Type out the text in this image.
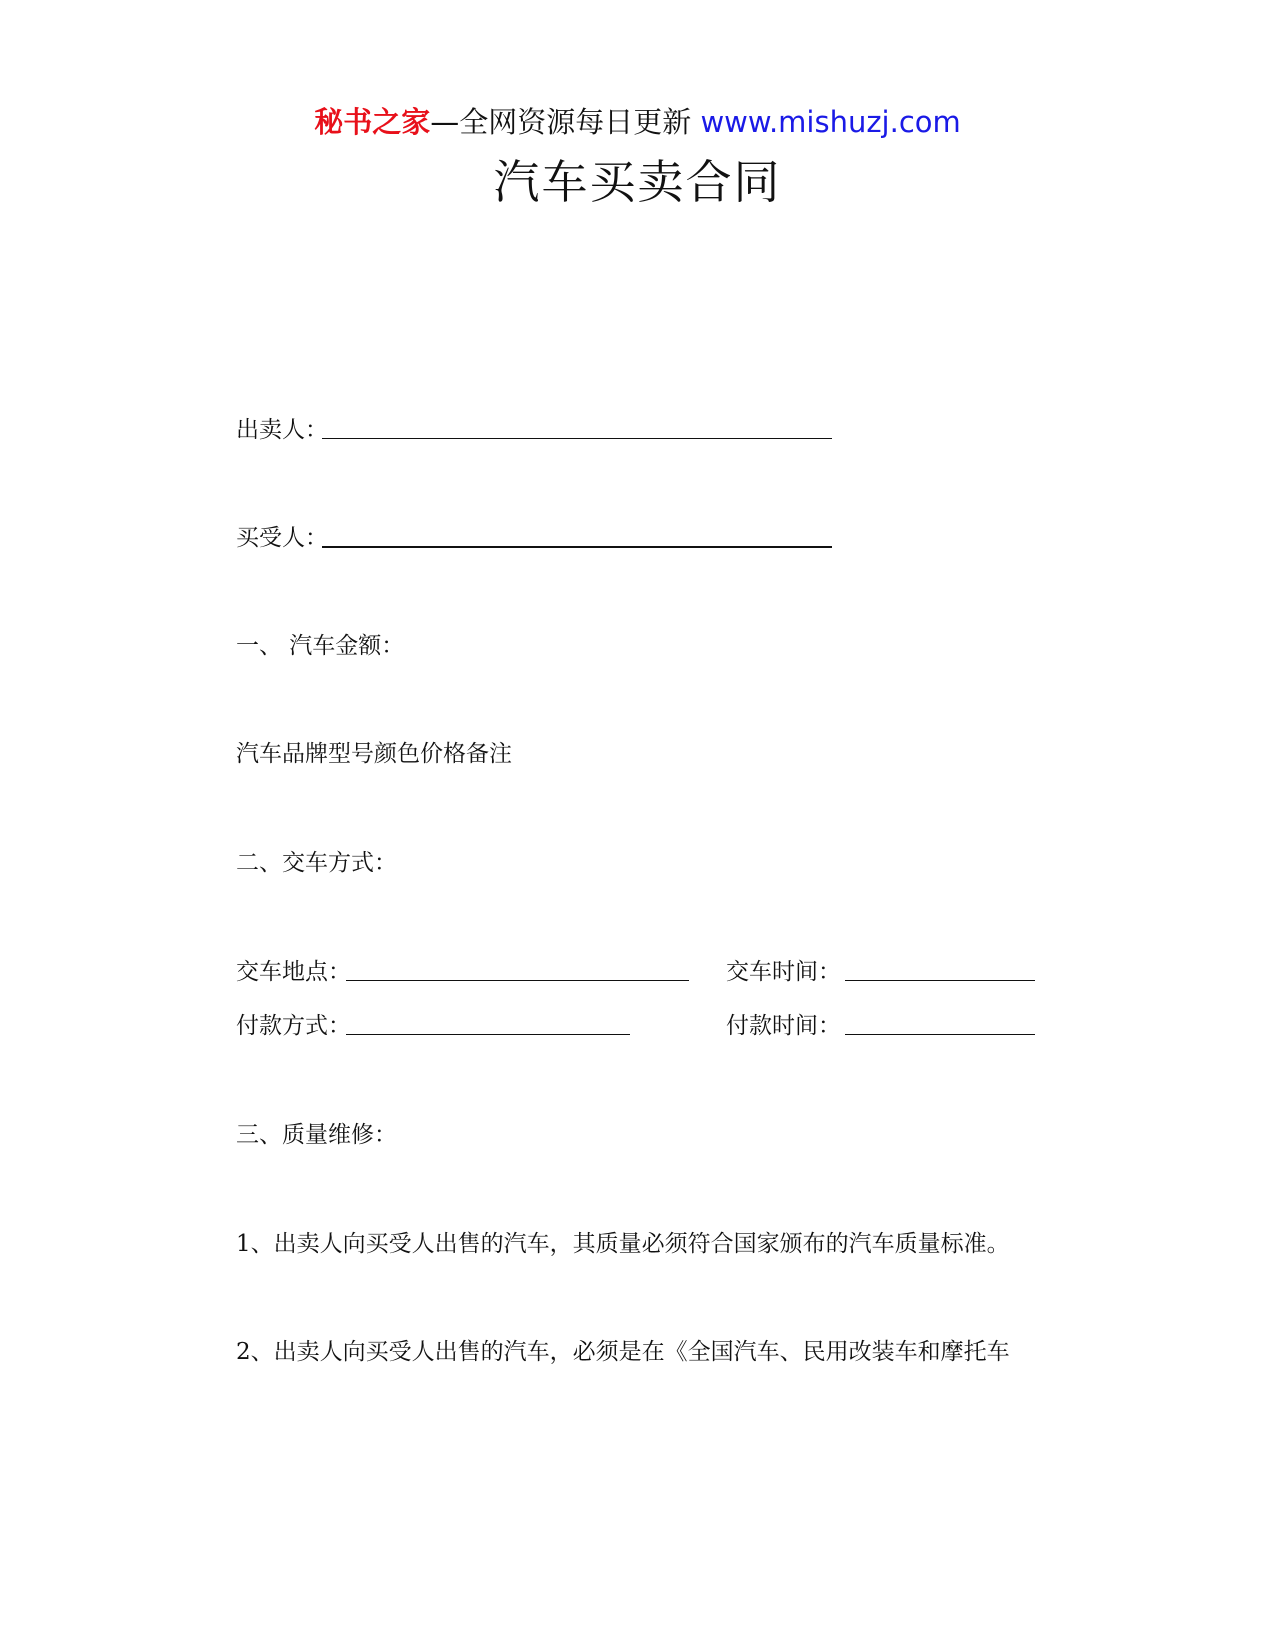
秘书之家—全网资源每日更新 www.mishuzj.com
汽车买卖合同
出卖人：
买受人：
一、 汽车金额：
汽车品牌型号颜色价格备注
二、交车方式：
交车地点：	交车时间：
付款方式：	付款时间：
三、质量维修：
1、出卖人向买受人出售的汽车，其质量必须符合国家颁布的汽车质量标准。
2、出卖人向买受人出售的汽车，必须是在《全国汽车、民用改装车和摩托车
